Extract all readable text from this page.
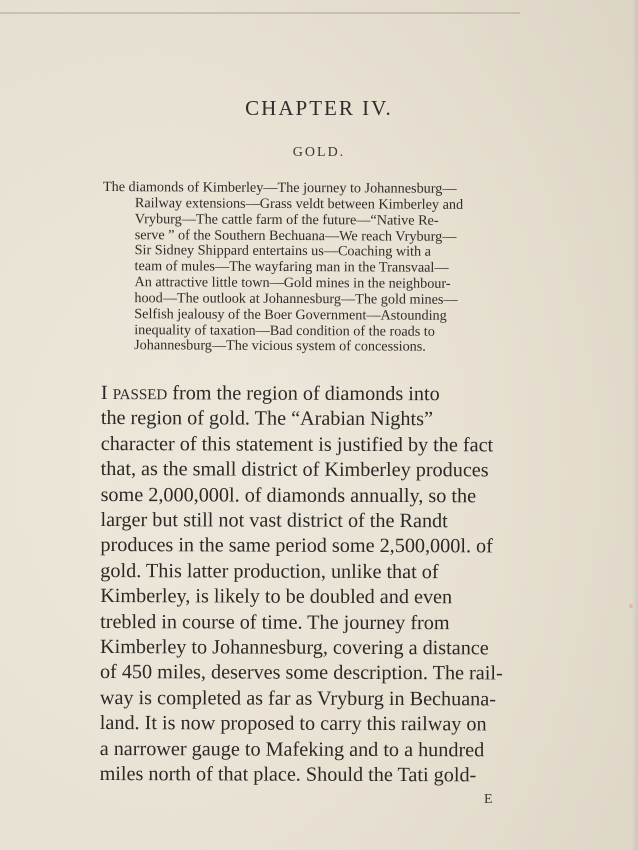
CHAPTER IV.
GOLD.
The diamonds of Kimberley—The journey to Johannesburg—
Railway extensions—Grass veldt between Kimberley and
Vryburg—The cattle farm of the future—“Native Re-
serve ” of the Southern Bechuana—We reach Vryburg—
Sir Sidney Shippard entertains us—Coaching with a
team of mules—The wayfaring man in the Transvaal—
An attractive little town—Gold mines in the neighbour-
hood—The outlook at Johannesburg—The gold mines—
Selfish jealousy of the Boer Government—Astounding
inequality of taxation—Bad condition of the roads to
Johannesburg—The vicious system of concessions.
I passed from the region of diamonds into
the region of gold. The “Arabian Nights”
character of this statement is justified by the fact
that, as the small district of Kimberley produces
some 2,000,000l. of diamonds annually, so the
larger but still not vast district of the Randt
produces in the same period some 2,500,000l. of
gold. This latter production, unlike that of
Kimberley, is likely to be doubled and even
trebled in course of time. The journey from
Kimberley to Johannesburg, covering a distance
of 450 miles, deserves some description. The rail-
way is completed as far as Vryburg in Bechuana-
land. It is now proposed to carry this railway on
a narrower gauge to Mafeking and to a hundred
miles north of that place. Should the Tati gold-
E
